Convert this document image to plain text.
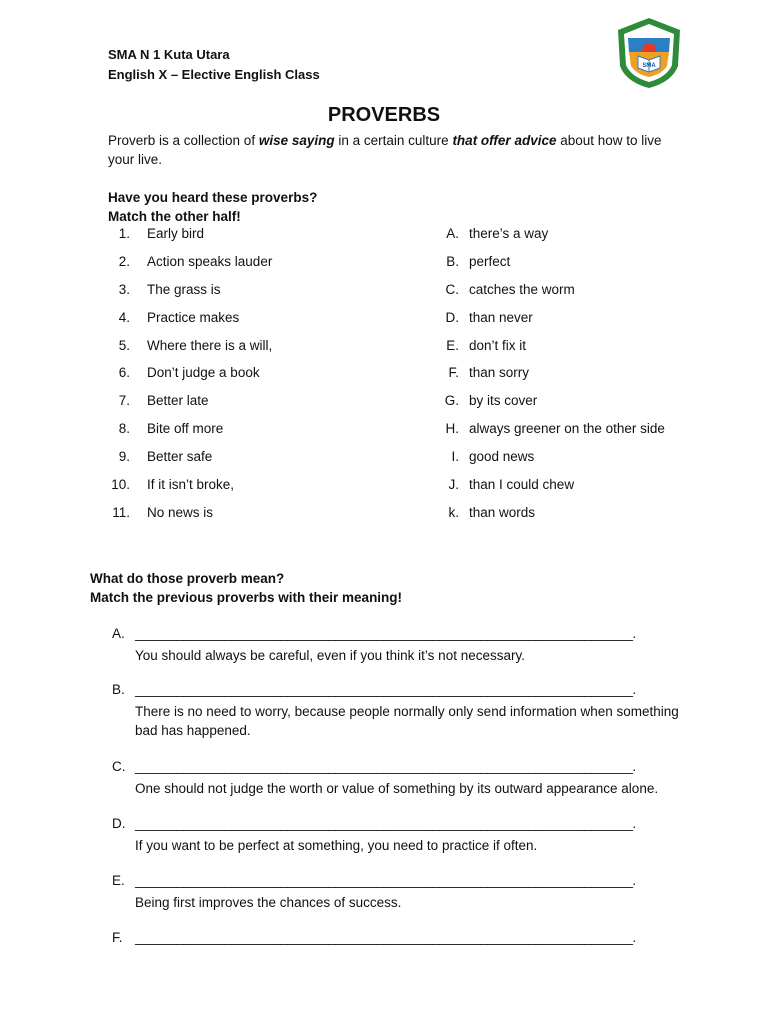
SMA N 1 Kuta Utara
English X – Elective English Class
SMA
PROVERBS
Proverb is a collection of wise saying in a certain culture that offer advice about how to live your live.
Have you heard these proverbs?
Match the other half!
1. Early bird	A. there’s a way
2. Action speaks lauder	B. perfect
3. The grass is	C. catches the worm
4. Practice makes	D. than never
5. Where there is a will,	E. don’t fix it
6. Don’t judge a book	F. than sorry
7. Better late	G. by its cover
8. Bite off more	H. always greener on the other side
9. Better safe	I. good news
10. If it isn’t broke,	J. than I could chew
11. No news is	k. than words
What do those proverb mean?
Match the previous proverbs with their meaning!
A. ________________________________________________________________________.
You should always be careful, even if you think it’s not necessary.
B. ________________________________________________________________________.
There is no need to worry, because people normally only send information when something bad has happened.
C. ________________________________________________________________________.
One should not judge the worth or value of something by its outward appearance alone.
D. ________________________________________________________________________.
If you want to be perfect at something, you need to practice if often.
E. ________________________________________________________________________.
Being first improves the chances of success.
F. ________________________________________________________________________.
